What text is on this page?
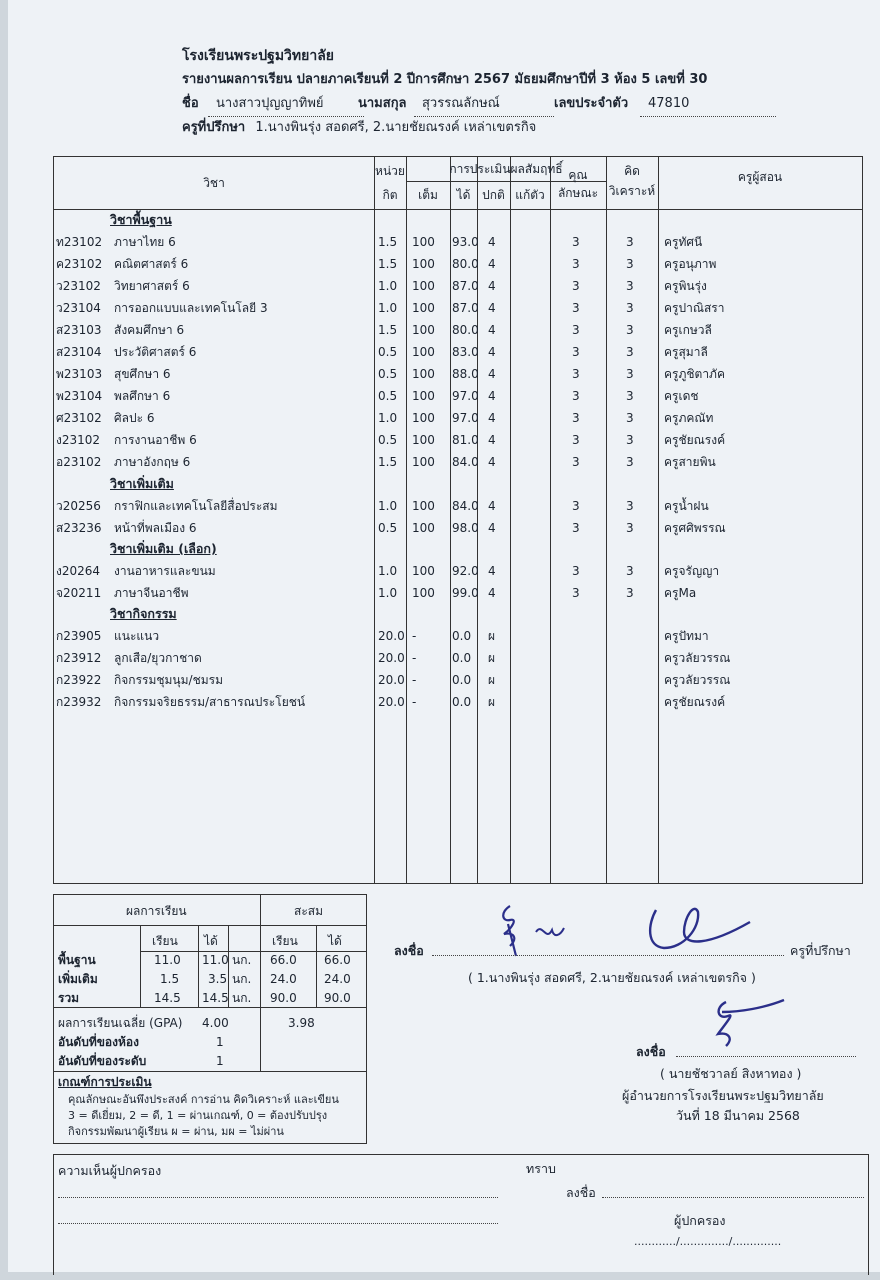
โรงเรียนพระปฐมวิทยาลัย
รายงานผลการเรียน ปลายภาคเรียนที่ 2 ปีการศึกษา 2567 มัธยมศึกษาปีที่ 3 ห้อง 5 เลขที่ 30
ชื่อ	นางสาวปุญญาทิพย์	นามสกุล	สุวรรณลักษณ์	เลขประจำตัว	47810
ครูที่ปรึกษา 1.นางพินรุ่ง สอดศรี, 2.นายชัยณรงค์ เหล่าเขตรกิจ
วิชา
หน่วย
กิต
การประเมินผลสัมฤทธิ์
เต็ม	ได้ ปกติ แก้ตัว
คุณ
ลักษณะ
คิด
วิเคราะห์
ครูผู้สอน
วิชาพื้นฐาน
วิชาเพิ่มเติม
วิชาเพิ่มเติม (เลือก)
วิชากิจกรรม
ท23102 ภาษาไทย 6	1.5 100 93.0 4	3	3	ครูทัศนี
ค23102 คณิตศาสตร์ 6	1.5 100 80.0 4	3	3	ครูอนุภาพ
ว23102 วิทยาศาสตร์ 6	1.0 100 87.0 4	3	3	ครูพินรุ่ง
ว23104 การออกแบบและเทคโนโลยี 3	1.0 100 87.0 4	3	3	ครูปาณิสรา
ส23103 สังคมศึกษา 6	1.5 100 80.0 4	3	3	ครูเกษวลี
ส23104 ประวัติศาสตร์ 6	0.5 100 83.0 4	3	3	ครูสุมาลี
พ23103 สุขศึกษา 6	0.5 100 88.0 4	3	3	ครูภูชิตาภัค
พ23104 พลศึกษา 6	0.5 100 97.0 4	3	3	ครูเดช
ศ23102 ศิลปะ 6	1.0 100 97.0 4	3	3	ครูภคณัท
ง23102 การงานอาชีพ 6	0.5 100 81.0 4	3	3	ครูชัยณรงค์
อ23102 ภาษาอังกฤษ 6	1.5 100 84.0 4	3	3	ครูสายพิน
ว20256 กราฟิกและเทคโนโลยีสื่อประสม	1.0 100 84.0 4	3	3	ครูน้ำฝน
ส23236 หน้าที่พลเมือง 6	0.5 100 98.0 4	3	3	ครูศศิพรรณ
ง20264 งานอาหารและขนม	1.0 100 92.0 4	3	3	ครูจรัญญา
จ20211 ภาษาจีนอาชีพ	1.0 100 99.0 4	3	3	ครูMa
ก23905 แนะแนว	20.0 -	0.0 ผ	ครูปัทมา
ก23912 ลูกเสือ/ยุวกาชาด	20.0 -	0.0 ผ	ครูวลัยวรรณ
ก23922 กิจกรรมชุมนุม/ชมรม	20.0 -	0.0 ผ	ครูวลัยวรรณ
ก23932 กิจกรรมจริยธรรม/สาธารณประโยชน์	20.0 -	0.0 ผ	ครูชัยณรงค์
ผลการเรียน	สะสม
เรียน ได้	เรียน	ได้
พื้นฐาน	11.0 11.0 นก. 66.0 66.0
เพิ่มเติม	1.5 3.5 นก. 24.0 24.0
รวม	14.5 14.5 นก. 90.0 90.0
ผลการเรียนเฉลี่ย (GPA) 4.00	3.98
อันดับที่ของห้อง	1
อันดับที่ของระดับ	1
เกณฑ์การประเมิน
คุณลักษณะอันพึงประสงค์ การอ่าน คิดวิเคราะห์ และเขียน
3 = ดีเยี่ยม, 2 = ดี, 1 = ผ่านเกณฑ์, 0 = ต้องปรับปรุง
กิจกรรมพัฒนาผู้เรียน ผ = ผ่าน, มผ = ไม่ผ่าน
ลงชื่อ	ครูที่ปรึกษา
( 1.นางพินรุ่ง สอดศรี, 2.นายชัยณรงค์ เหล่าเขตรกิจ )
ลงชื่อ
( นายชัชวาลย์ สิงหาทอง )
ผู้อำนวยการโรงเรียนพระปฐมวิทยาลัย
วันที่ 18 มีนาคม 2568
ความเห็นผู้ปกครอง	ทราบ
ลงชื่อ
ผู้ปกครอง
............/............../..............
